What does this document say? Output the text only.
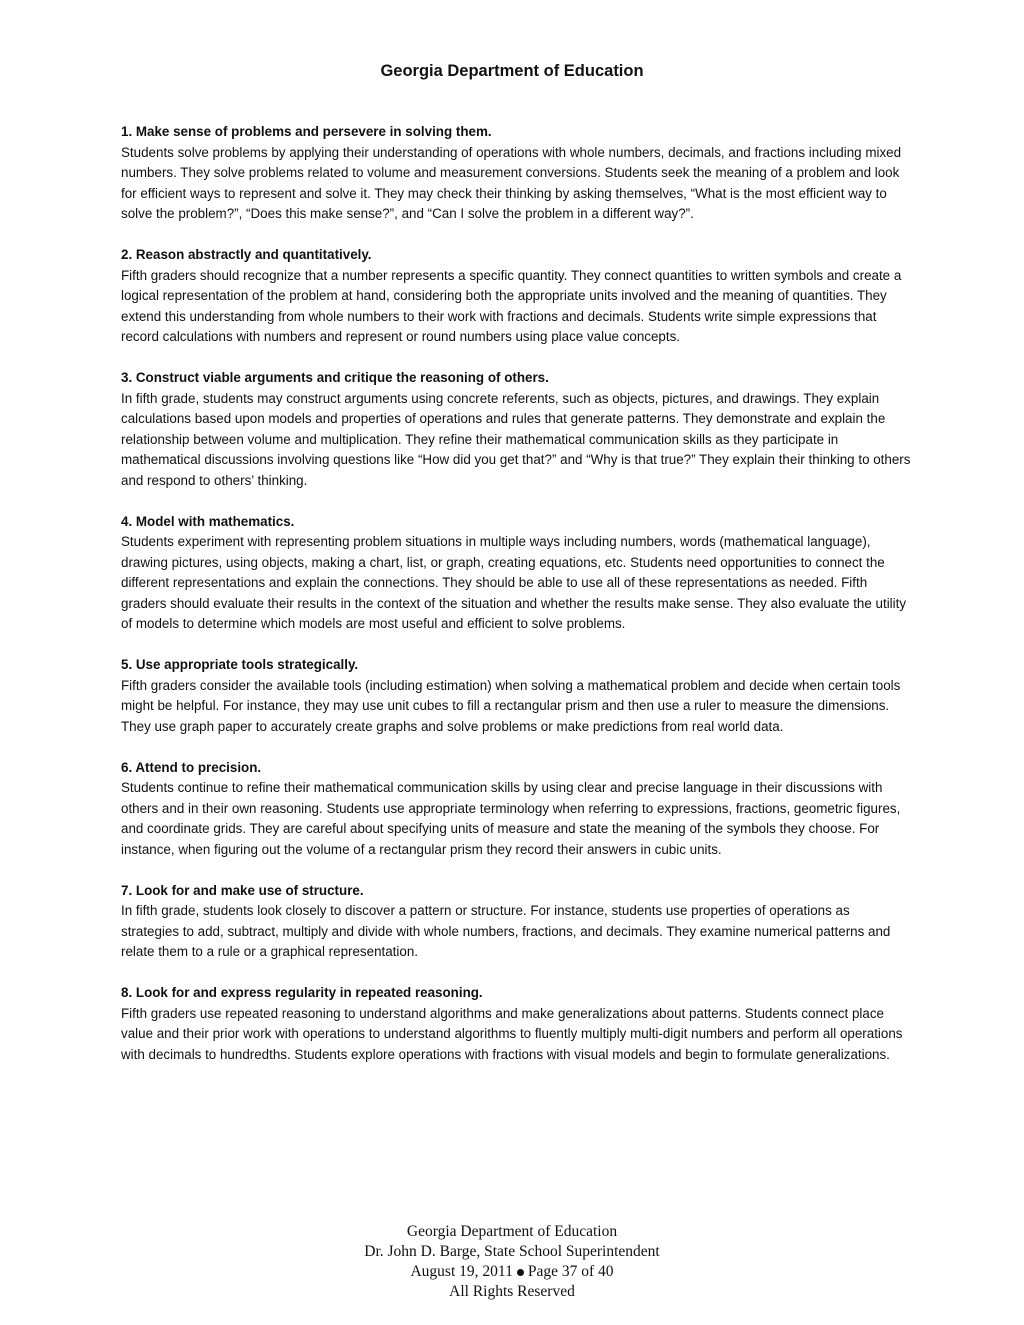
Georgia Department of Education

1. Make sense of problems and persevere in solving them.

Students solve problems by applying their understanding of operations with whole numbers, decimals, and fractions including mixed numbers. They solve problems related to volume and measurement conversions. Students seek the meaning of a problem and look for efficient ways to represent and solve it. They may check their thinking by asking themselves, “What is the most efficient way to solve the problem?”, “Does this make sense?”, and “Can I solve the problem in a different way?”.

2. Reason abstractly and quantitatively.

Fifth graders should recognize that a number represents a specific quantity. They connect quantities to written symbols and create a logical representation of the problem at hand, considering both the appropriate units involved and the meaning of quantities. They extend this understanding from whole numbers to their work with fractions and decimals. Students write simple expressions that record calculations with numbers and represent or round numbers using place value concepts.

3. Construct viable arguments and critique the reasoning of others.

In fifth grade, students may construct arguments using concrete referents, such as objects, pictures, and drawings. They explain calculations based upon models and properties of operations and rules that generate patterns. They demonstrate and explain the relationship between volume and multiplication. They refine their mathematical communication skills as they participate in mathematical discussions involving questions like “How did you get that?” and “Why is that true?” They explain their thinking to others and respond to others’ thinking.

4. Model with mathematics.

Students experiment with representing problem situations in multiple ways including numbers, words (mathematical language), drawing pictures, using objects, making a chart, list, or graph, creating equations, etc. Students need opportunities to connect the different representations and explain the connections. They should be able to use all of these representations as needed. Fifth graders should evaluate their results in the context of the situation and whether the results make sense. They also evaluate the utility of models to determine which models are most useful and efficient to solve problems.

5. Use appropriate tools strategically.

Fifth graders consider the available tools (including estimation) when solving a mathematical problem and decide when certain tools might be helpful. For instance, they may use unit cubes to fill a rectangular prism and then use a ruler to measure the dimensions. They use graph paper to accurately create graphs and solve problems or make predictions from real world data.

6. Attend to precision.

Students continue to refine their mathematical communication skills by using clear and precise language in their discussions with others and in their own reasoning. Students use appropriate terminology when referring to expressions, fractions, geometric figures, and coordinate grids. They are careful about specifying units of measure and state the meaning of the symbols they choose. For instance, when figuring out the volume of a rectangular prism they record their answers in cubic units.

7. Look for and make use of structure.

In fifth grade, students look closely to discover a pattern or structure. For instance, students use properties of operations as strategies to add, subtract, multiply and divide with whole numbers, fractions, and decimals. They examine numerical patterns and relate them to a rule or a graphical representation.

8. Look for and express regularity in repeated reasoning.

Fifth graders use repeated reasoning to understand algorithms and make generalizations about patterns. Students connect place value and their prior work with operations to understand algorithms to fluently multiply multi-digit numbers and perform all operations with decimals to hundredths. Students explore operations with fractions with visual models and begin to formulate generalizations.

Georgia Department of Education
Dr. John D. Barge, State School Superintendent
August 19, 2011 Page 37 of 40
All Rights Reserved
